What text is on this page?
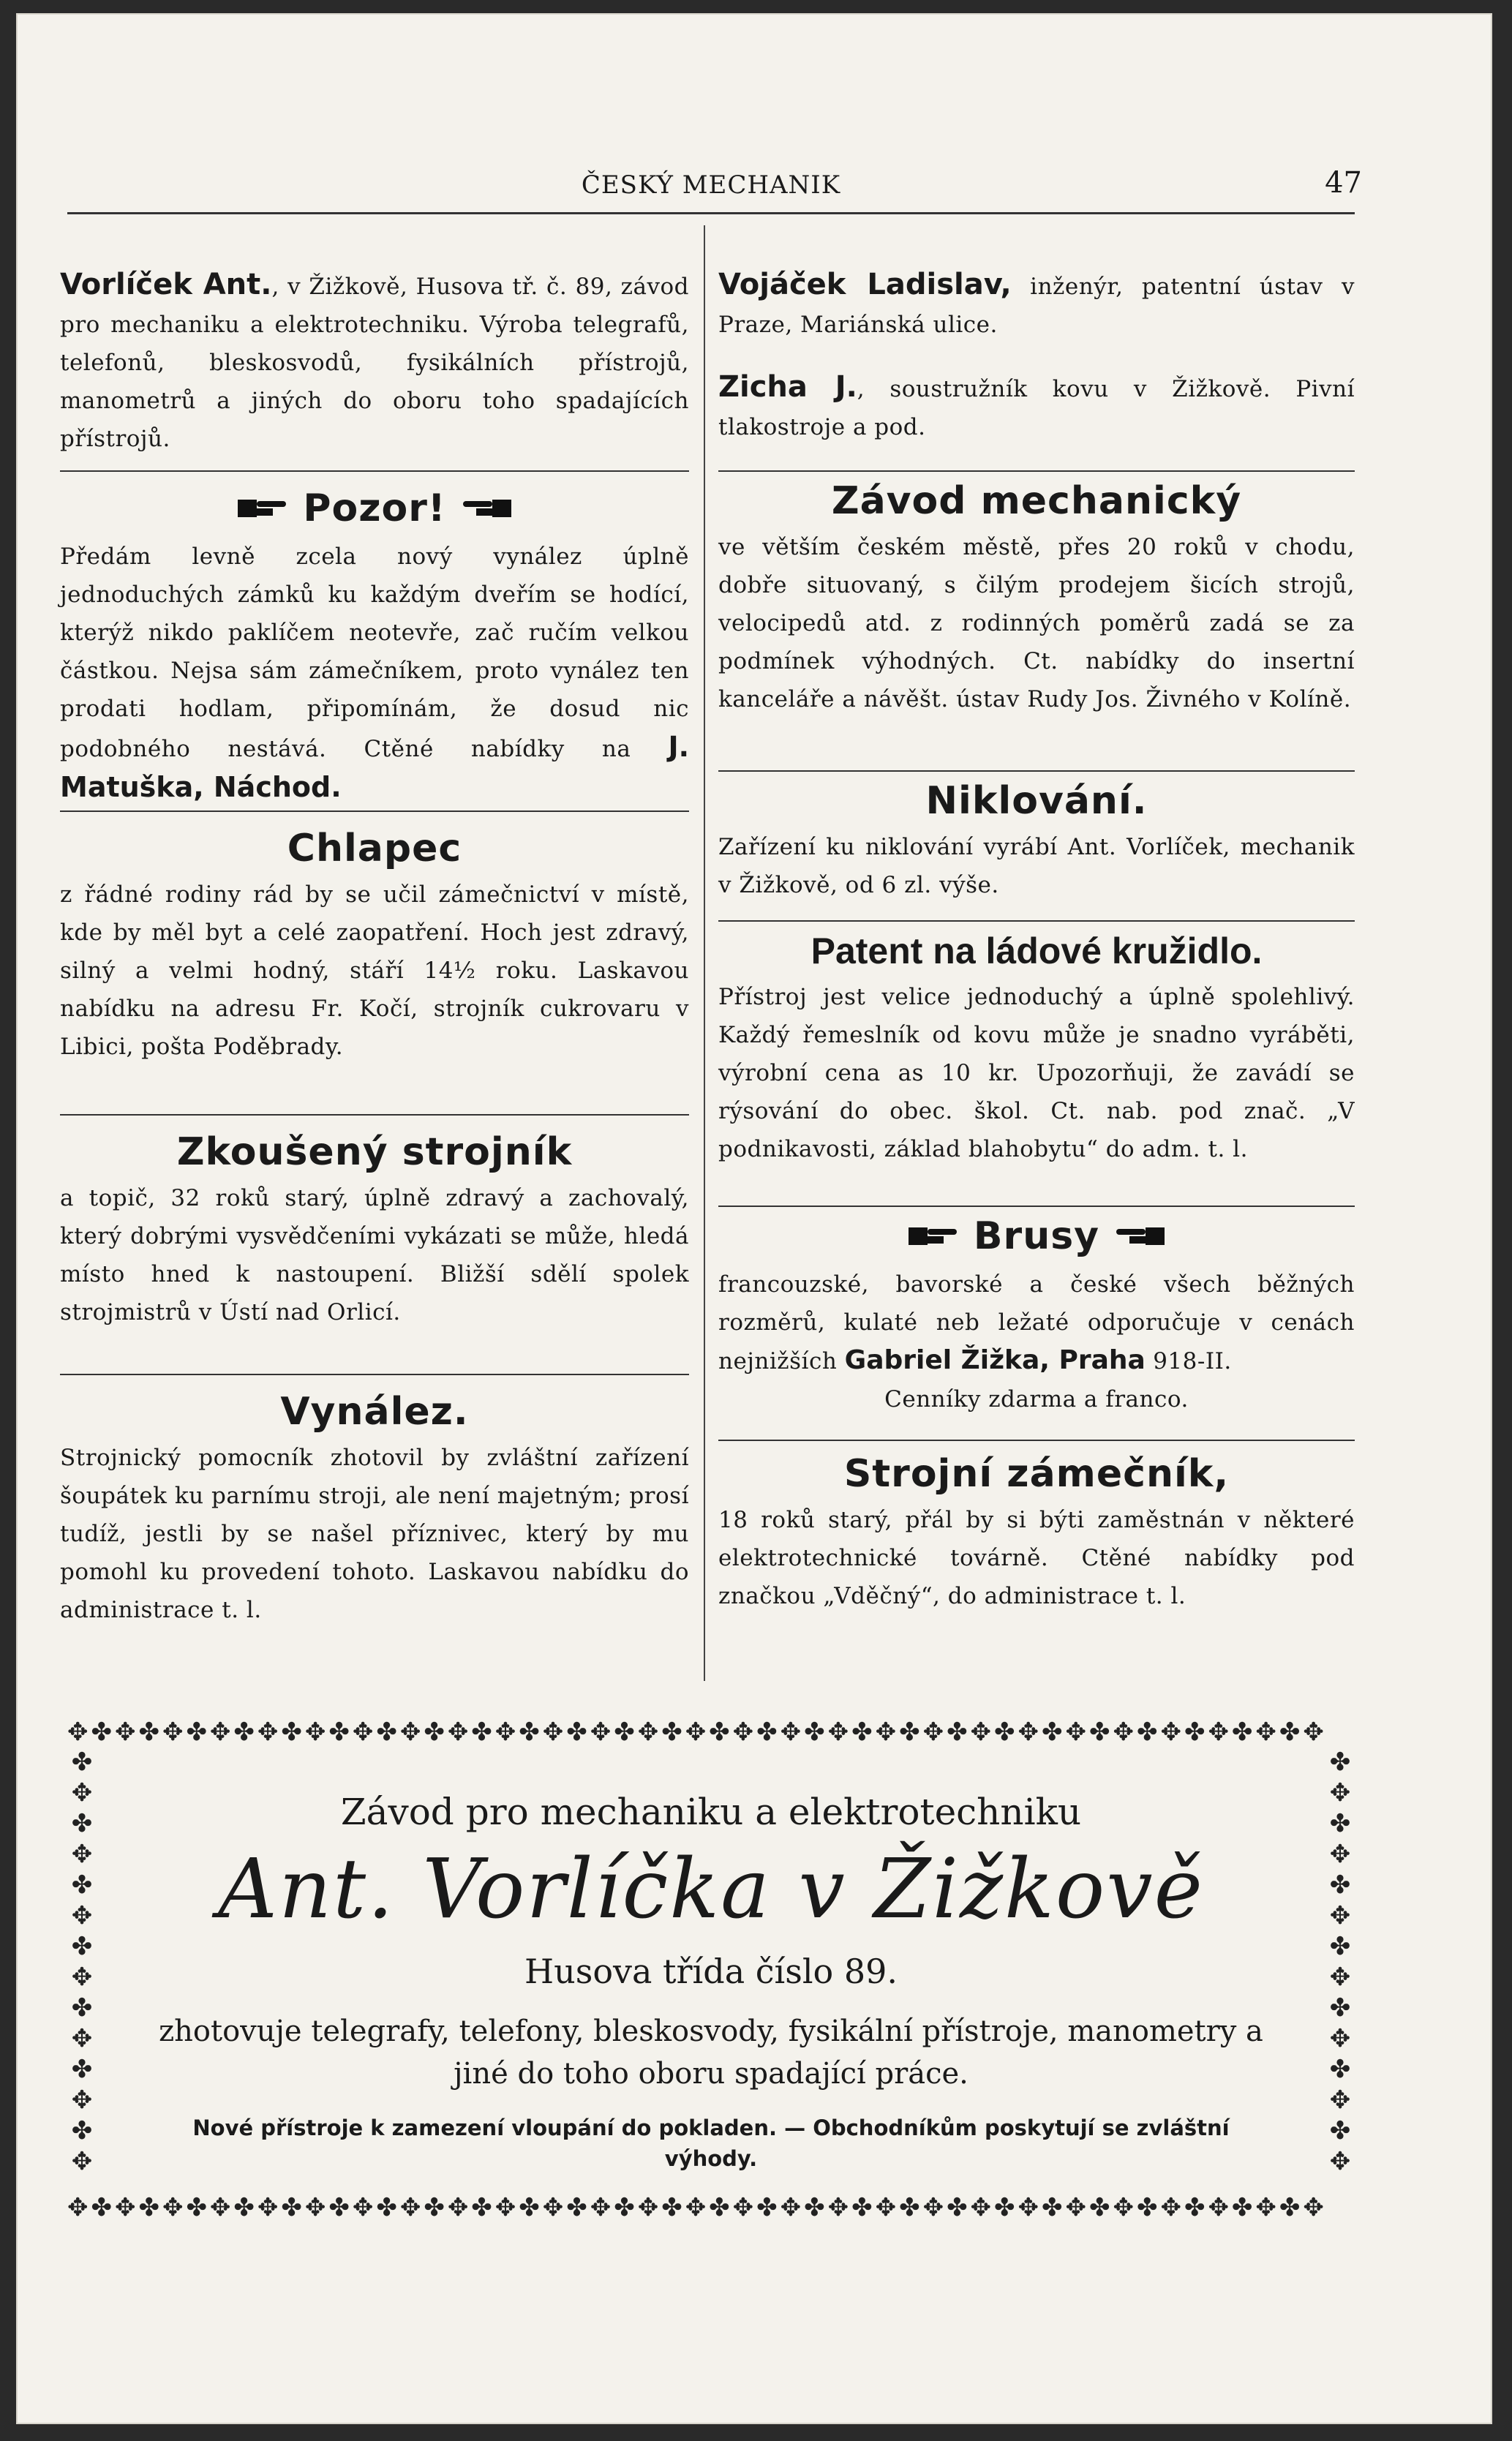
ČESKÝ MECHANIK	47

Vorlíček Ant., v Žižkově, Husova tř. č. 89, závod pro mechaniku a elektrotechniku. Výroba telegrafů, telefonů, bleskosvodů, fysikálních přístrojů, manometrů a jiných do oboru toho spadajících přístrojů.

Pozor!

Předám levně zcela nový vynález úplně jednoduchých zámků ku každým dveřím se hodící, kterýž nikdo paklíčem neotevře, zač ručím velkou částkou. Nejsa sám zámečníkem, proto vynález ten prodati hodlam, připomínám, že dosud nic podobného nestává. Ctěné nabídky na J. Matuška, Náchod.

Chlapec

z řádné rodiny rád by se učil zámečnictví v místě, kde by měl byt a celé zaopatření. Hoch jest zdravý, silný a velmi hodný, stáří 14½ roku. Laskavou nabídku na adresu Fr. Kočí, strojník cukrovaru v Libici, pošta Poděbrady.

Zkoušený strojník

a topič, 32 roků starý, úplně zdravý a zachovalý, který dobrými vysvědčeními vykázati se může, hledá místo hned k nastoupení. Bližší sdělí spolek strojmistrů v Ústí nad Orlicí.

Vynález.

Strojnický pomocník zhotovil by zvláštní zařízení šoupátek ku parnímu stroji, ale není majetným; prosí tudíž, jestli by se našel příznivec, který by mu pomohl ku provedení tohoto. Laskavou nabídku do administrace t. l.

Vojáček Ladislav, inženýr, patentní ústav v Praze, Mariánská ulice.

Zicha J., soustružník kovu v Žižkově. Pivní tlakostroje a pod.

Závod mechanický

ve větším českém městě, přes 20 roků v chodu, dobře situovaný, s čilým prodejem šicích strojů, velocipedů atd. z rodinných poměrů zadá se za podmínek výhodných. Ct. nabídky do insertní kanceláře a návěšt. ústav Rudy Jos. Živného v Kolíně.

Niklování.

Zařízení ku niklování vyrábí Ant. Vorlíček, mechanik v Žižkově, od 6 zl. výše.

Patent na ládové kružidlo.

Přístroj jest velice jednoduchý a úplně spolehlivý. Každý řemeslník od kovu může je snadno vyráběti, výrobní cena as 10 kr. Upozorňuji, že zavádí se rýsování do obec. škol. Ct. nab. pod znač. „V podnikavosti, základ blahobytu“ do adm. t. l.

Brusy

francouzské, bavorské a české všech běžných rozměrů, kulaté neb ležaté odporučuje v cenách nejnižších Gabriel Žižka, Praha 918-II.

Cenníky zdarma a franco.

Strojní zámečník,

18 roků starý, přál by si býti zaměstnán v některé elektrotechnické továrně. Ctěné nabídky pod značkou „Vděčný“, do administrace t. l.

✥✤✥✤✥✤✥✤✥✤✥✤✥✤✥✤✥✤✥✤✥✤✥✤✥✤✥✤✥✤✥✤✥✤✥✤✥✤✥✤✥✤✥✤✥✤✥✤✥✤✥✤✥
✥✤✥✤✥✤✥✤✥✤✥✤✥✤✥✤✥✤✥✤✥✤✥✤✥✤✥✤✥✤✥✤✥✤✥✤✥✤✥✤✥✤✥✤✥✤✥✤✥✤✥✤✥
✤
✥
✤
✥
✤
✥
✤
✥
✤
✥
✤
✥
✤
✥
✤
✥
✤
✥
✤
✥
✤
✥
✤
✥
✤
✥
✤
✥
Závod pro mechaniku a elektrotechniku
Ant. Vorlíčka v Žižkově
Husova třída číslo 89.
zhotovuje telegrafy, telefony, bleskosvody, fysikální přístroje, manometry a jiné do toho oboru spadající práce.
Nové přístroje k zamezení vloupání do pokladen. — Obchodníkům poskytují se zvláštní výhody.
